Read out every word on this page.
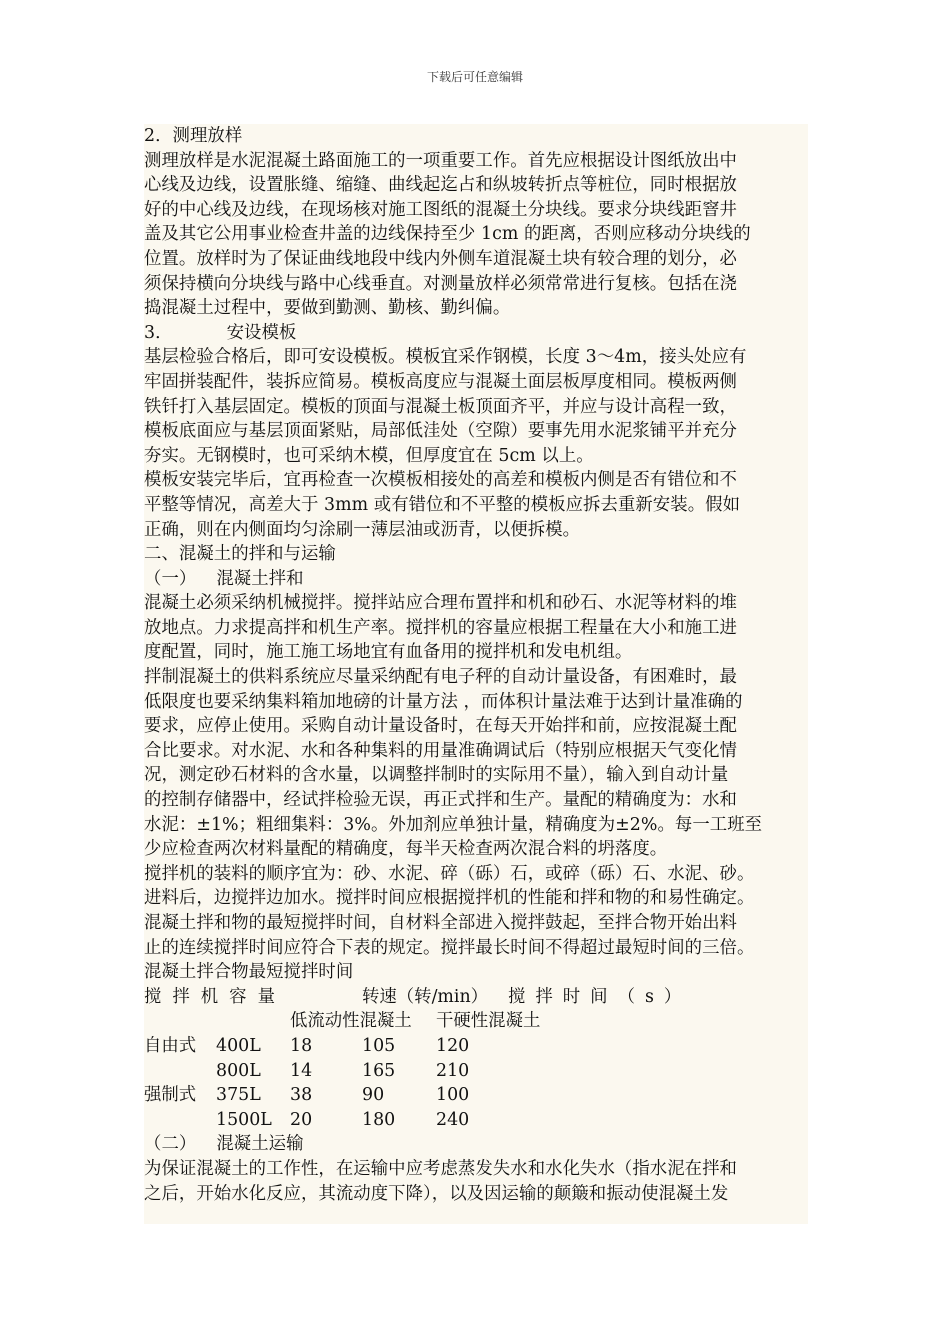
下载后可任意编辑
2．测理放样
测理放样是水泥混凝土路面施工的一项重要工作。首先应根据设计图纸放出中
心线及边线，设置胀缝、缩缝、曲线起迄占和纵坡转折点等桩位，同时根据放
好的中心线及边线，在现场核对施工图纸的混凝土分块线。要求分块线距窨井
盖及其它公用事业检查井盖的边线保持至少 1cm 的距离，否则应移动分块线的
位置。放样时为了保证曲线地段中线内外侧车道混凝土块有较合理的划分，必
须保持横向分块线与路中心线垂直。对测量放样必须常常进行复核。包括在浇
捣混凝土过程中，要做到勤测、勤核、勤纠偏。
3．	安设模板
基层检验合格后，即可安设模板。模板宜采作钢模，长度 3～4m，接头处应有
牢固拼装配件，装拆应简易。模板高度应与混凝土面层板厚度相同。模板两侧
铁钎打入基层固定。模板的顶面与混凝土板顶面齐平，并应与设计高程一致，
模板底面应与基层顶面紧贴，局部低洼处（空隙）要事先用水泥浆铺平并充分
夯实。无钢模时，也可采纳木模，但厚度宜在 5cm 以上。
模板安装完毕后，宜再检查一次模板相接处的高差和模板内侧是否有错位和不
平整等情况，高差大于 3mm 或有错位和不平整的模板应拆去重新安装。假如
正确，则在内侧面均匀涂刷一薄层油或沥青，以便拆模。
二、混凝土的拌和与运输
（一） 混凝土拌和
混凝土必须采纳机械搅拌。搅拌站应合理布置拌和机和砂石、水泥等材料的堆
放地点。力求提高拌和机生产率。搅拌机的容量应根据工程量在大小和施工进
度配置，同时，施工施工场地宜有血备用的搅拌机和发电机组。
拌制混凝土的供料系统应尽量采纳配有电子秤的自动计量设备，有困难时，最
低限度也要采纳集料箱加地磅的计量方法 ，而体积计量法难于达到计量准确的
要求，应停止使用。采购自动计量设备时，在每天开始拌和前，应按混凝土配
合比要求。对水泥、水和各种集料的用量准确调试后（特别应根据天气变化情
况，测定砂石材料的含水量，以调整拌制时的实际用不量），输入到自动计量
的控制存储器中，经试拌检验无误，再正式拌和生产。量配的精确度为：水和
水泥：±1%；粗细集料：3%。外加剂应单独计量，精确度为±2%。每一工班至
少应检查两次材料量配的精确度，每半天检查两次混合料的坍落度。
搅拌机的装料的顺序宜为：砂、水泥、碎（砾）石，或碎（砾）石、水泥、砂。
进料后，边搅拌边加水。搅拌时间应根据搅拌机的性能和拌和物的和易性确定。
混凝土拌和物的最短搅拌时间，自材料全部进入搅拌鼓起，至拌合物开始出料
止的连续搅拌时间应符合下表的规定。搅拌最长时间不得超过最短时间的三倍。
混凝土拌合物最短搅拌时间
搅拌机容量	转速（转/min） 搅拌时间（s）
低流动性混凝土 干硬性混凝土
自由式 400L 18	105 120
800L 14	165 210
强制式 375L 38	90	100
1500L 20	180 240
（二） 混凝土运输
为保证混凝土的工作性，在运输中应考虑蒸发失水和水化失水（指水泥在拌和
之后，开始水化反应，其流动度下降），以及因运输的颠簸和振动使混凝土发
